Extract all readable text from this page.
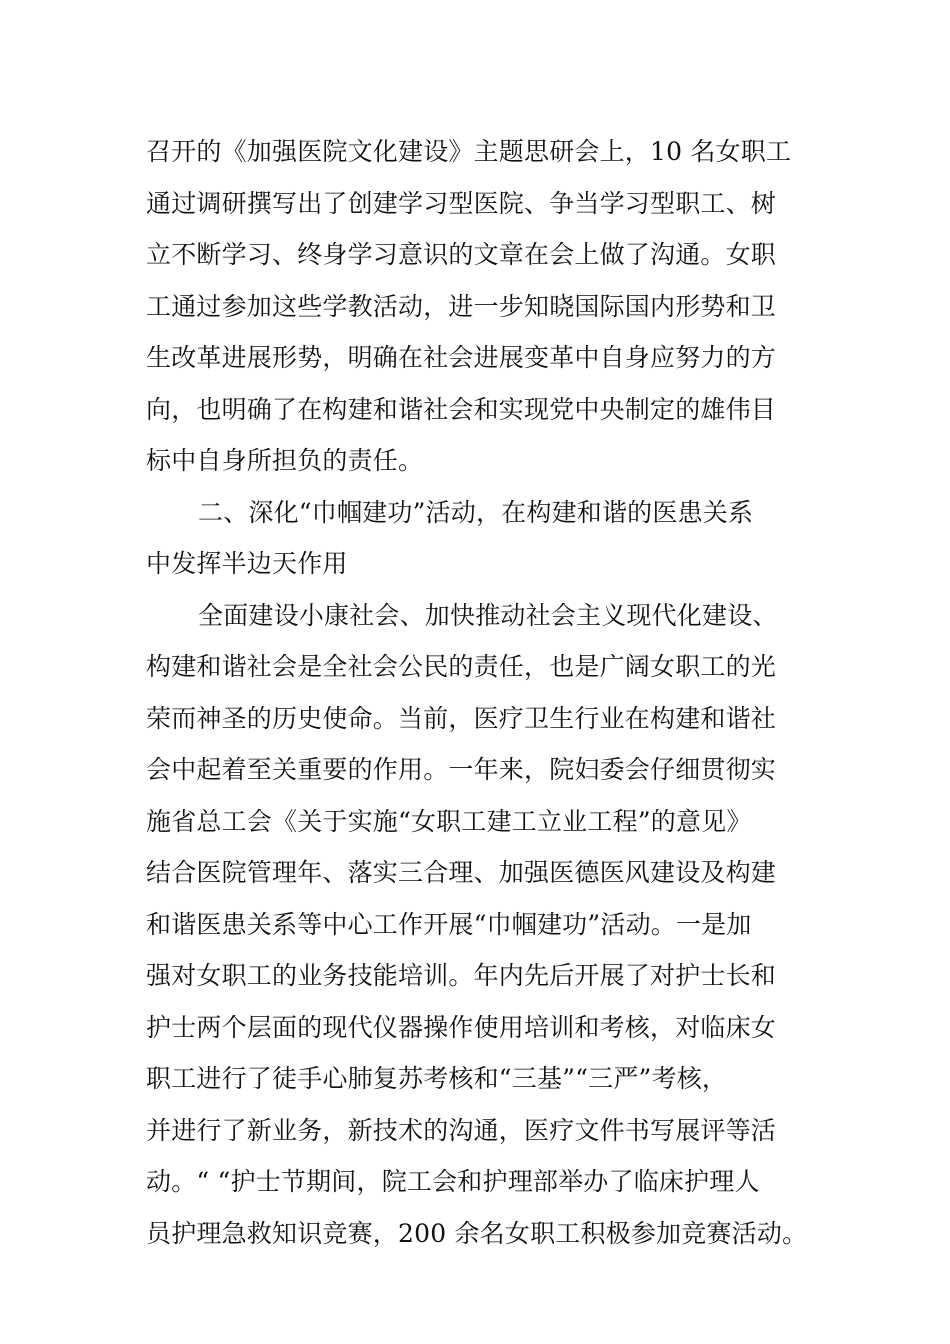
召开的《加强医院文化建设》主题思研会上，10 名女职工
通过调研撰写出了创建学习型医院、争当学习型职工、树
立不断学习、终身学习意识的文章在会上做了沟通。女职
工通过参加这些学教活动，进一步知晓国际国内形势和卫
生改革进展形势，明确在社会进展变革中自身应努力的方
向，也明确了在构建和谐社会和实现党中央制定的雄伟目
标中自身所担负的责任。
二、深化“巾帼建功”活动，在构建和谐的医患关系
中发挥半边天作用
全面建设小康社会、加快推动社会主义现代化建设、
构建和谐社会是全社会公民的责任，也是广阔女职工的光
荣而神圣的历史使命。当前，医疗卫生行业在构建和谐社
会中起着至关重要的作用。一年来，院妇委会仔细贯彻实
施省总工会《关于实施“女职工建工立业工程”的意见》
结合医院管理年、落实三合理、加强医德医风建设及构建
和谐医患关系等中心工作开展“巾帼建功”活动。一是加
强对女职工的业务技能培训。年内先后开展了对护士长和
护士两个层面的现代仪器操作使用培训和考核，对临床女
职工进行了徒手心肺复苏考核和“三基”“三严”考核，
并进行了新业务，新技术的沟通，医疗文件书写展评等活
动。“ “护士节期间，院工会和护理部举办了临床护理人
员护理急救知识竞赛，200 余名女职工积极参加竞赛活动。
